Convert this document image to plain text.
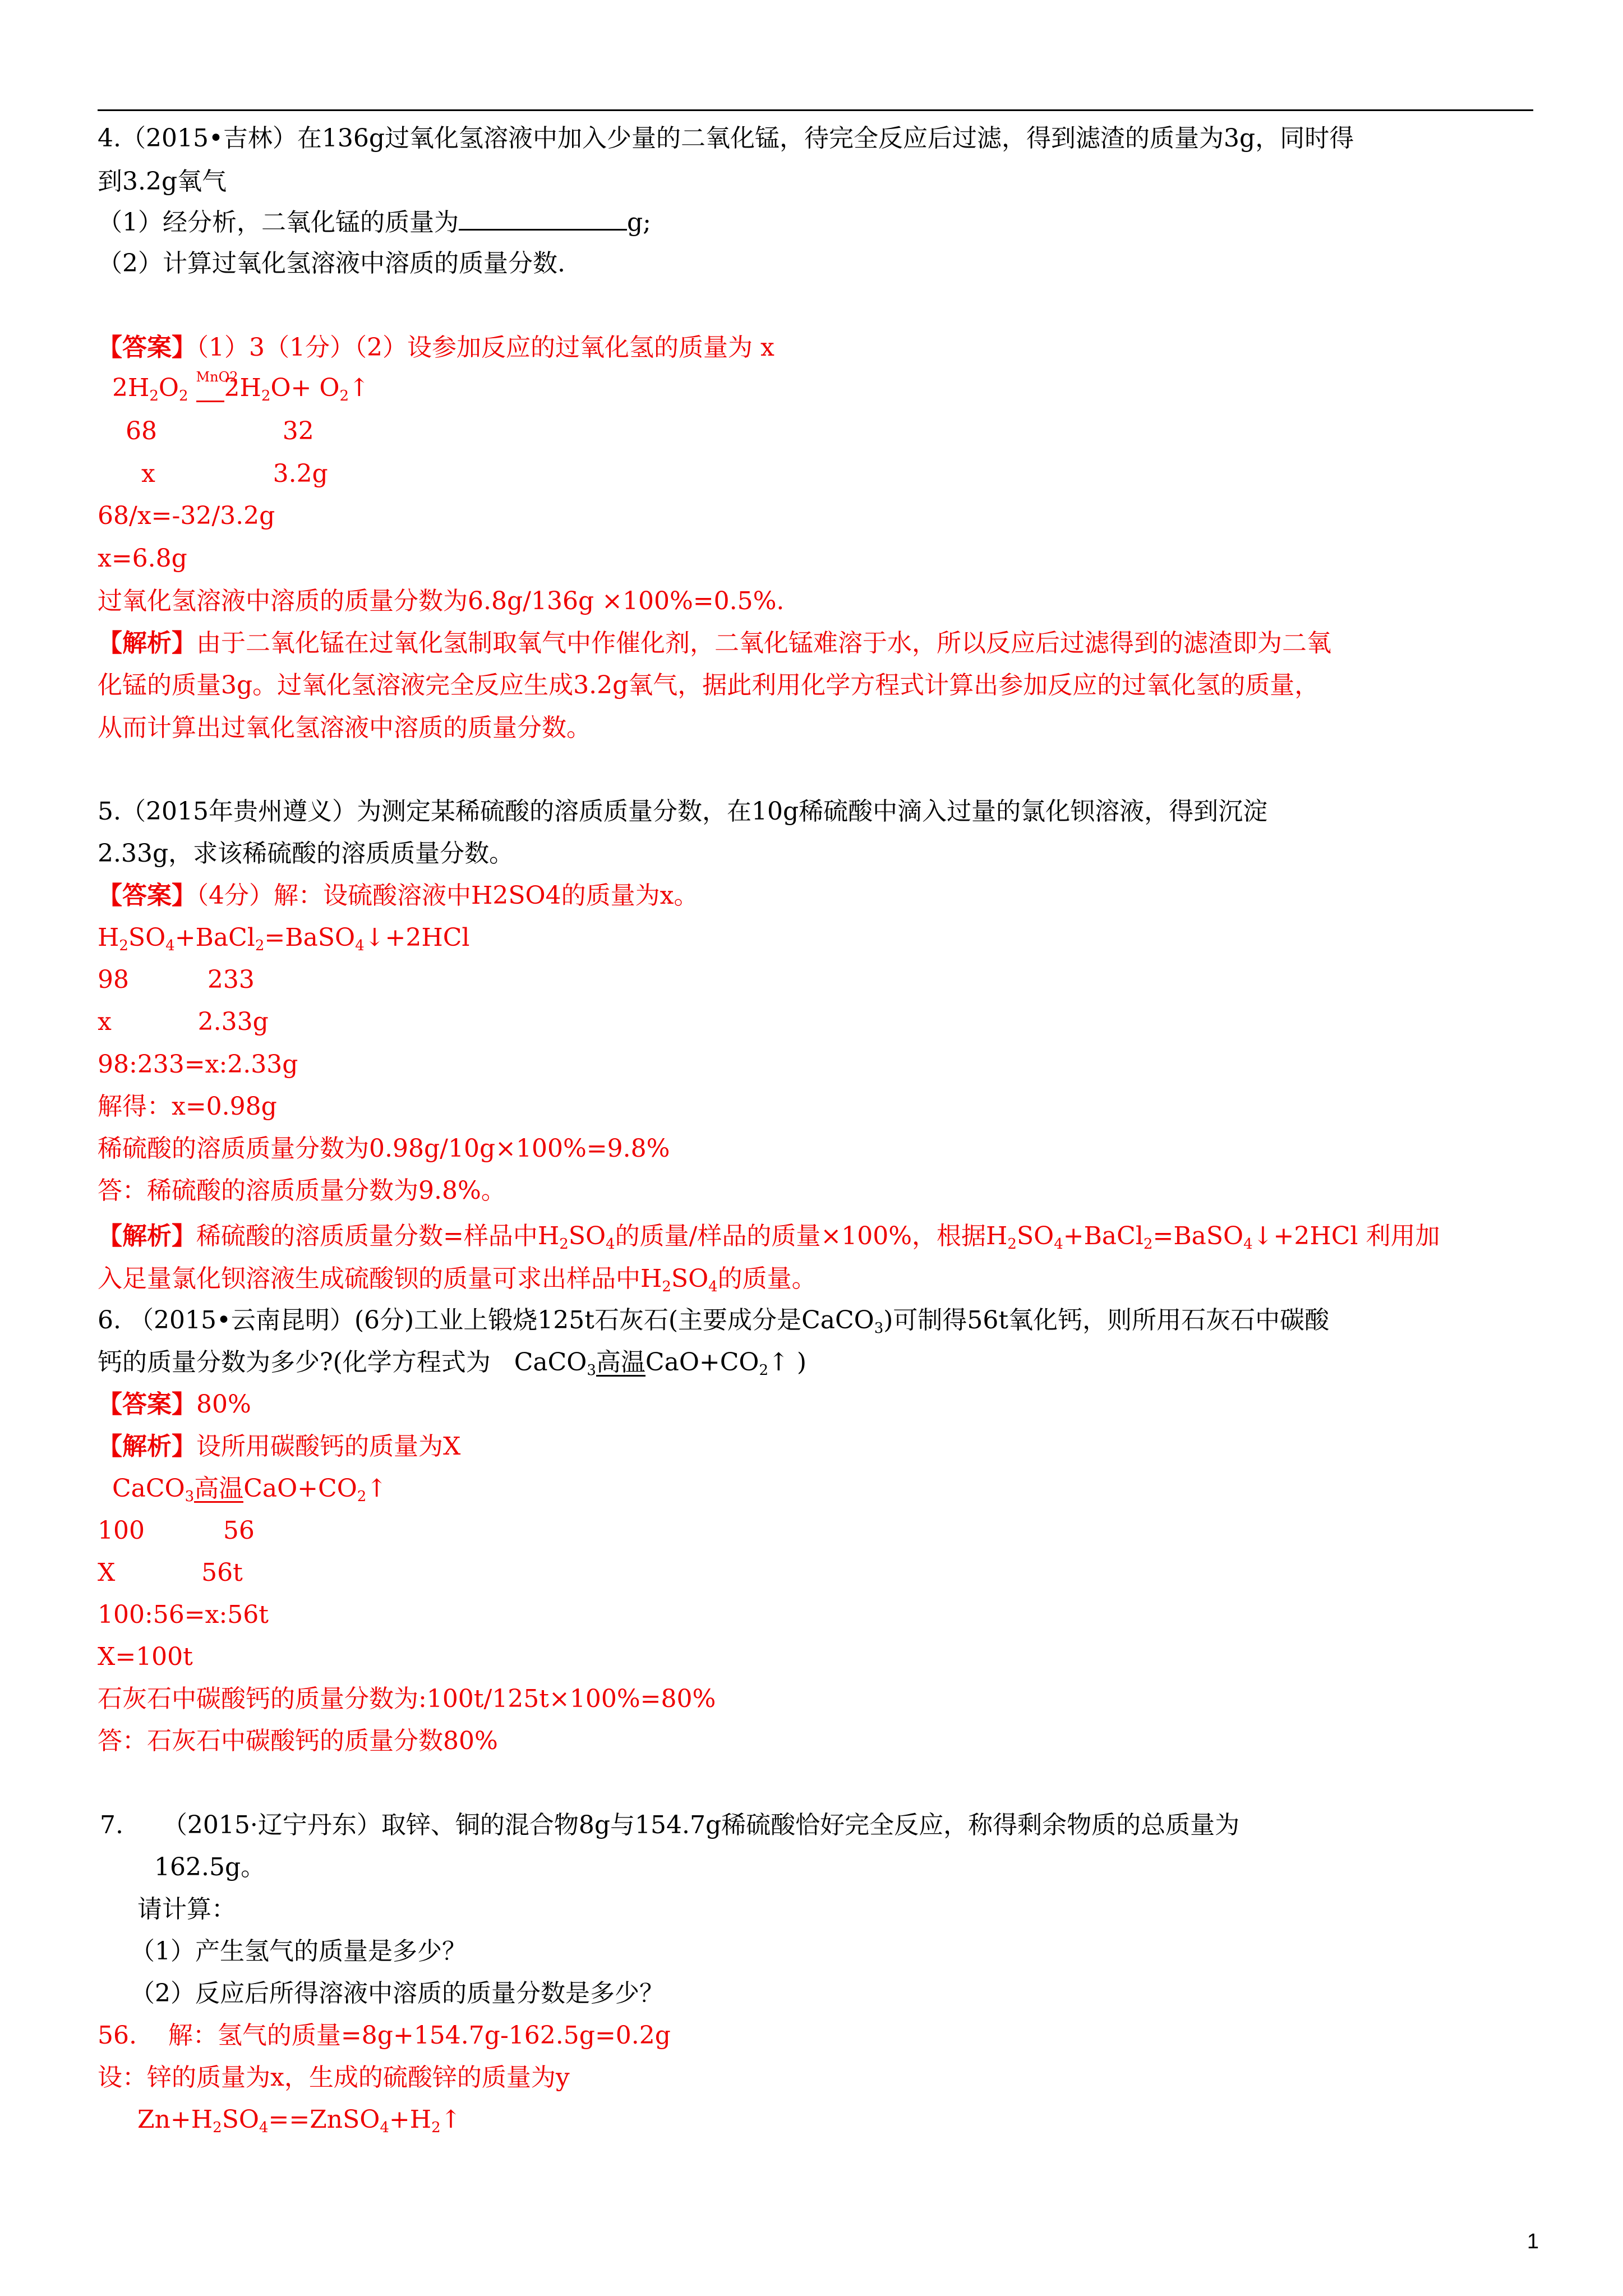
4.（2015•吉林）在136g过氧化氢溶液中加入少量的二氧化锰，待完全反应后过滤，得到滤渣的质量为3g，同时得
到3.2g氧气
（1）经分析，二氧化锰的质量为	g;
（2）计算过氧化氢溶液中溶质的质量分数.
【答案】（1）3（1分）（2）设参加反应的过氧化氢的质量为 x
$2H_2O_2$
MnO2
$2H_2O+$ $O_2↑$
68                32
x               3.2g
68/x=-32/3.2g
x=6.8g
过氧化氢溶液中溶质的质量分数为6.8g/136g ×100%=0.5%.
【解析】由于二氧化锰在过氧化氢制取氧气中作催化剂，二氧化锰难溶于水，所以反应后过滤得到的滤渣即为二氧
化锰的质量3g。过氧化氢溶液完全反应生成3.2g氧气，据此利用化学方程式计算出参加反应的过氧化氢的质量，
从而计算出过氧化氢溶液中溶质的质量分数。
5.（2015年贵州遵义）为测定某稀硫酸的溶质质量分数，在10g稀硫酸中滴入过量的氯化钡溶液，得到沉淀
2.33g，求该稀硫酸的溶质质量分数。
【答案】（4分）解：设硫酸溶液中H2SO4的质量为x。
$H_2SO_4+BaCl_2=BaSO_4↓+2HCl$
98          233
x           2.33g
98:233=x:2.33g
解得：x=0.98g
稀硫酸的溶质质量分数为0.98g/10g×100%=9.8%
答：稀硫酸的溶质质量分数为9.8%。
【解析】稀硫酸的溶质质量分数=样品中$H_2SO_4$的质量/样品的质量×100%，根据$H_2SO_4+BaCl_2=BaSO_4↓+2HCl$ 利用加
入足量氯化钡溶液生成硫酸钡的质量可求出样品中$H_2SO_4$的质量。
6. （2015•云南昆明）(6分)工业上锻烧125t石灰石(主要成分是CaCO$_3$)可制得56t氧化钙，则所用石灰石中碳酸
钙的质量分数为多少?(化学方程式为   CaCO$_3$高温$CaO+CO_2↑$ )
【答案】80%
【解析】设所用碳酸钙的质量为X
CaCO$_3$高温$CaO+CO_2↑$
100          56
X           56t
100:56=x:56t
X=100t
石灰石中碳酸钙的质量分数为:100t/125t×100%=80%
答：石灰石中碳酸钙的质量分数80%
7.     （2015·辽宁丹东）取锌、铜的混合物8g与154.7g稀硫酸恰好完全反应，称得剩余物质的总质量为
162.5g。
请计算：
（1）产生氢气的质量是多少？
（2）反应后所得溶液中溶质的质量分数是多少？
56.    解：氢气的质量=8g+154.7g-162.5g=0.2g
设：锌的质量为x，生成的硫酸锌的质量为y
$Zn+H_2SO_4==ZnSO_4+H_2↑$
1
